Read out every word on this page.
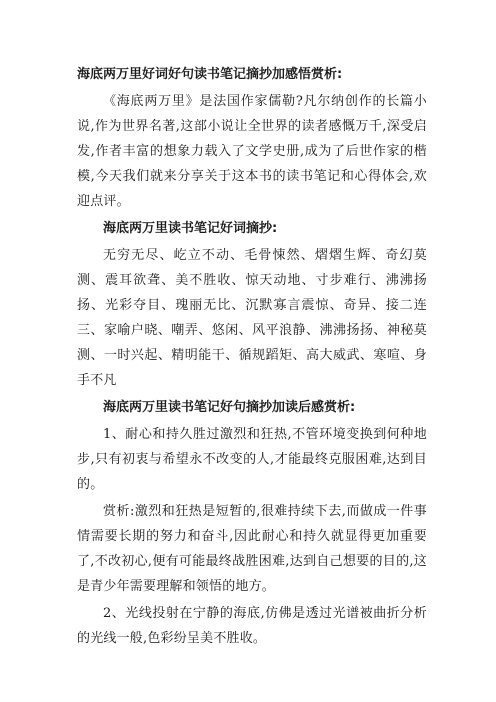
海底两万里好词好句读书笔记摘抄加感悟赏析:

《海底两万里》是法国作家儒勒?凡尔纳创作的长篇小说,作为世界名著,这部小说让全世界的读者感慨万千,深受启发,作者丰富的想象力载入了文学史册,成为了后世作家的楷模,今天我们就来分享关于这本书的读书笔记和心得体会,欢迎点评。

海底两万里读书笔记好词摘抄:

无穷无尽、屹立不动、毛骨悚然、熠熠生辉、奇幻莫测、震耳欲聋、美不胜收、惊天动地、寸步难行、沸沸扬扬、光彩夺目、瑰丽无比、沉默寡言震惊、奇异、接二连三、家喻户晓、嘲弄、悠闲、风平浪静、沸沸扬扬、神秘莫测、一时兴起、精明能干、循规蹈矩、高大威武、寒喧、身手不凡

海底两万里读书笔记好句摘抄加读后感赏析:

1、耐心和持久胜过激烈和狂热,不管环境变换到何种地步,只有初衷与希望永不改变的人,才能最终克服困难,达到目的。

赏析:激烈和狂热是短暂的,很难持续下去,而做成一件事情需要长期的努力和奋斗,因此耐心和持久就显得更加重要了,不改初心,便有可能最终战胜困难,达到自己想要的目的,这是青少年需要理解和领悟的地方。

2、光线投射在宁静的海底,仿佛是透过光谱被曲折分析的光线一般,色彩纷呈美不胜收。
